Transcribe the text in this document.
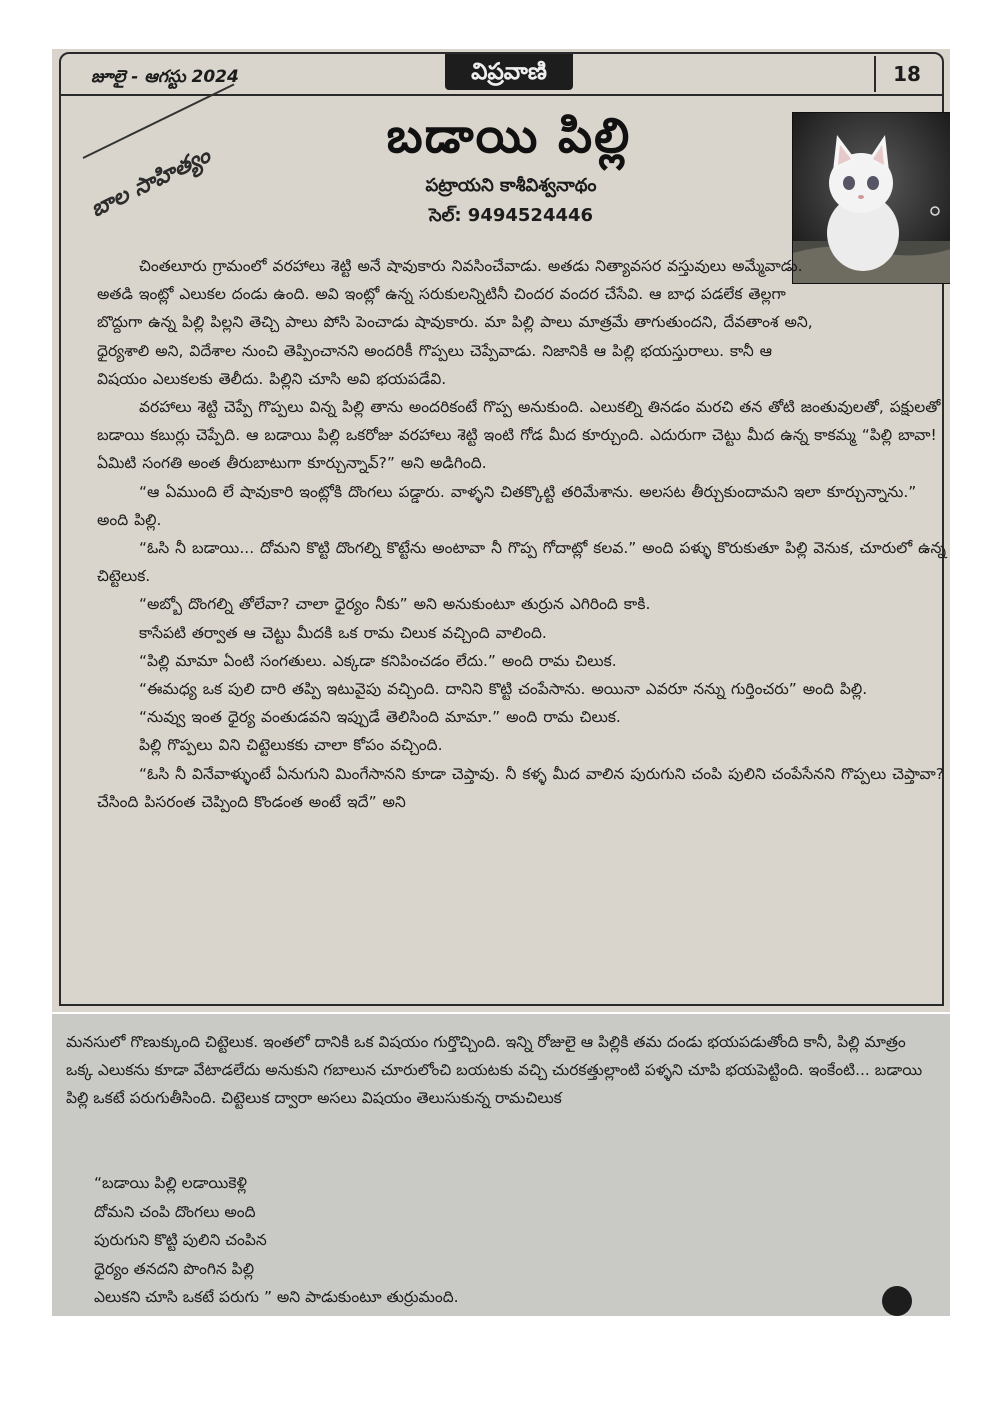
జూలై - ఆగస్టు 2024	విప్రవాణి	18
బాల సాహిత్యం
బడాయి పిల్లి
పట్రాయని కాశీవిశ్వనాథం
సెల్: 9494524446

చింతలూరు గ్రామంలో వరహాలు శెట్టి అనే షావుకారు నివసించేవాడు. అతడు నిత్యావసర వస్తువులు అమ్మేవాడు. అతడి ఇంట్లో ఎలుకల దండు ఉంది. అవి ఇంట్లో ఉన్న సరుకులన్నిటినీ చిందర వందర చేసేవి. ఆ బాధ పడలేక తెల్లగా బొద్దుగా ఉన్న పిల్లి పిల్లని తెచ్చి పాలు పోసి పెంచాడు షావుకారు. మా పిల్లి పాలు మాత్రమే తాగుతుందని, దేవతాంశ అని, ధైర్యశాలి అని, విదేశాల నుంచి తెప్పించానని అందరికీ గొప్పలు చెప్పేవాడు. నిజానికి ఆ పిల్లి భయస్తురాలు. కానీ ఆ విషయం ఎలుకలకు తెలీదు. పిల్లిని చూసి అవి భయపడేవి.

వరహాలు శెట్టి చెప్పే గొప్పలు విన్న పిల్లి తాను అందరికంటే గొప్ప అనుకుంది. ఎలుకల్ని తినడం మరచి తన తోటి జంతువులతో, పక్షులతో బడాయి కబుర్లు చెప్పేది. ఆ బడాయి పిల్లి ఒకరోజు వరహాలు శెట్టి ఇంటి గోడ మీద కూర్చుంది. ఎదురుగా చెట్టు మీద ఉన్న కాకమ్మ “పిల్లి బావా! ఏమిటి సంగతి అంత తీరుబాటుగా కూర్చున్నావ్?” అని అడిగింది.

“ఆ ఏముంది లే షావుకారి ఇంట్లోకి దొంగలు పడ్డారు. వాళ్ళని చితక్కొట్టి తరిమేశాను. అలసట తీర్చుకుందామని ఇలా కూర్చున్నాను.” అంది పిల్లి.

“ఓసి నీ బడాయి... దోమని కొట్టి దొంగల్ని కొట్టేను అంటావా నీ గొప్ప గోదాట్లో కలవ.” అంది పళ్ళు కొరుకుతూ పిల్లి వెనుక, చూరులో ఉన్న చిట్టెలుక.

“అబ్బో దొంగల్ని తోలేవా? చాలా ధైర్యం నీకు” అని అనుకుంటూ తుర్రున ఎగిరింది కాకి.

కాసేపటి తర్వాత ఆ చెట్టు మీదకి ఒక రామ చిలుక వచ్చింది వాలింది.

“పిల్లి మామా ఏంటి సంగతులు. ఎక్కడా కనిపించడం లేదు.” అంది రామ చిలుక.

“ఈమధ్య ఒక పులి దారి తప్పి ఇటువైపు వచ్చింది. దానిని కొట్టి చంపేసాను. అయినా ఎవరూ నన్ను గుర్తించరు” అంది పిల్లి.

“నువ్వు ఇంత ధైర్య వంతుడవని ఇప్పుడే తెలిసింది మామా.” అంది రామ చిలుక.

పిల్లి గొప్పలు విని చిట్టెలుకకు చాలా కోపం వచ్చింది.

“ఓసి నీ వినేవాళ్ళుంటే ఏనుగుని మింగేసానని కూడా చెప్తావు. నీ కళ్ళ మీద వాలిన పురుగుని చంపి పులిని చంపేసేనని గొప్పలు చెప్తావా? చేసింది పిసరంత చెప్పింది కొండంత అంటే ఇదే” అని

మనసులో గొణుక్కుంది చిట్టెలుక. ఇంతలో దానికి ఒక విషయం గుర్తొచ్చింది. ఇన్ని రోజులై ఆ పిల్లికి తమ దండు భయపడుతోంది కానీ, పిల్లి మాత్రం ఒక్క ఎలుకను కూడా వేటాడలేదు అనుకుని గబాలున చూరులోంచి బయటకు వచ్చి చురకత్తుల్లాంటి పళ్ళని చూపి భయపెట్టింది. ఇంకేంటి... బడాయి పిల్లి ఒకటే పరుగుతీసింది. చిట్టెలుక ద్వారా అసలు విషయం తెలుసుకున్న రామచిలుక

“బడాయి పిల్లి లడాయికెళ్లి
దోమని చంపి దొంగలు అంది
పురుగుని కొట్టి పులిని చంపిన
ధైర్యం తనదని పొంగిన పిల్లి
ఎలుకని చూసి ఒకటే పరుగు ” అని పాడుకుంటూ తుర్రుమంది.
